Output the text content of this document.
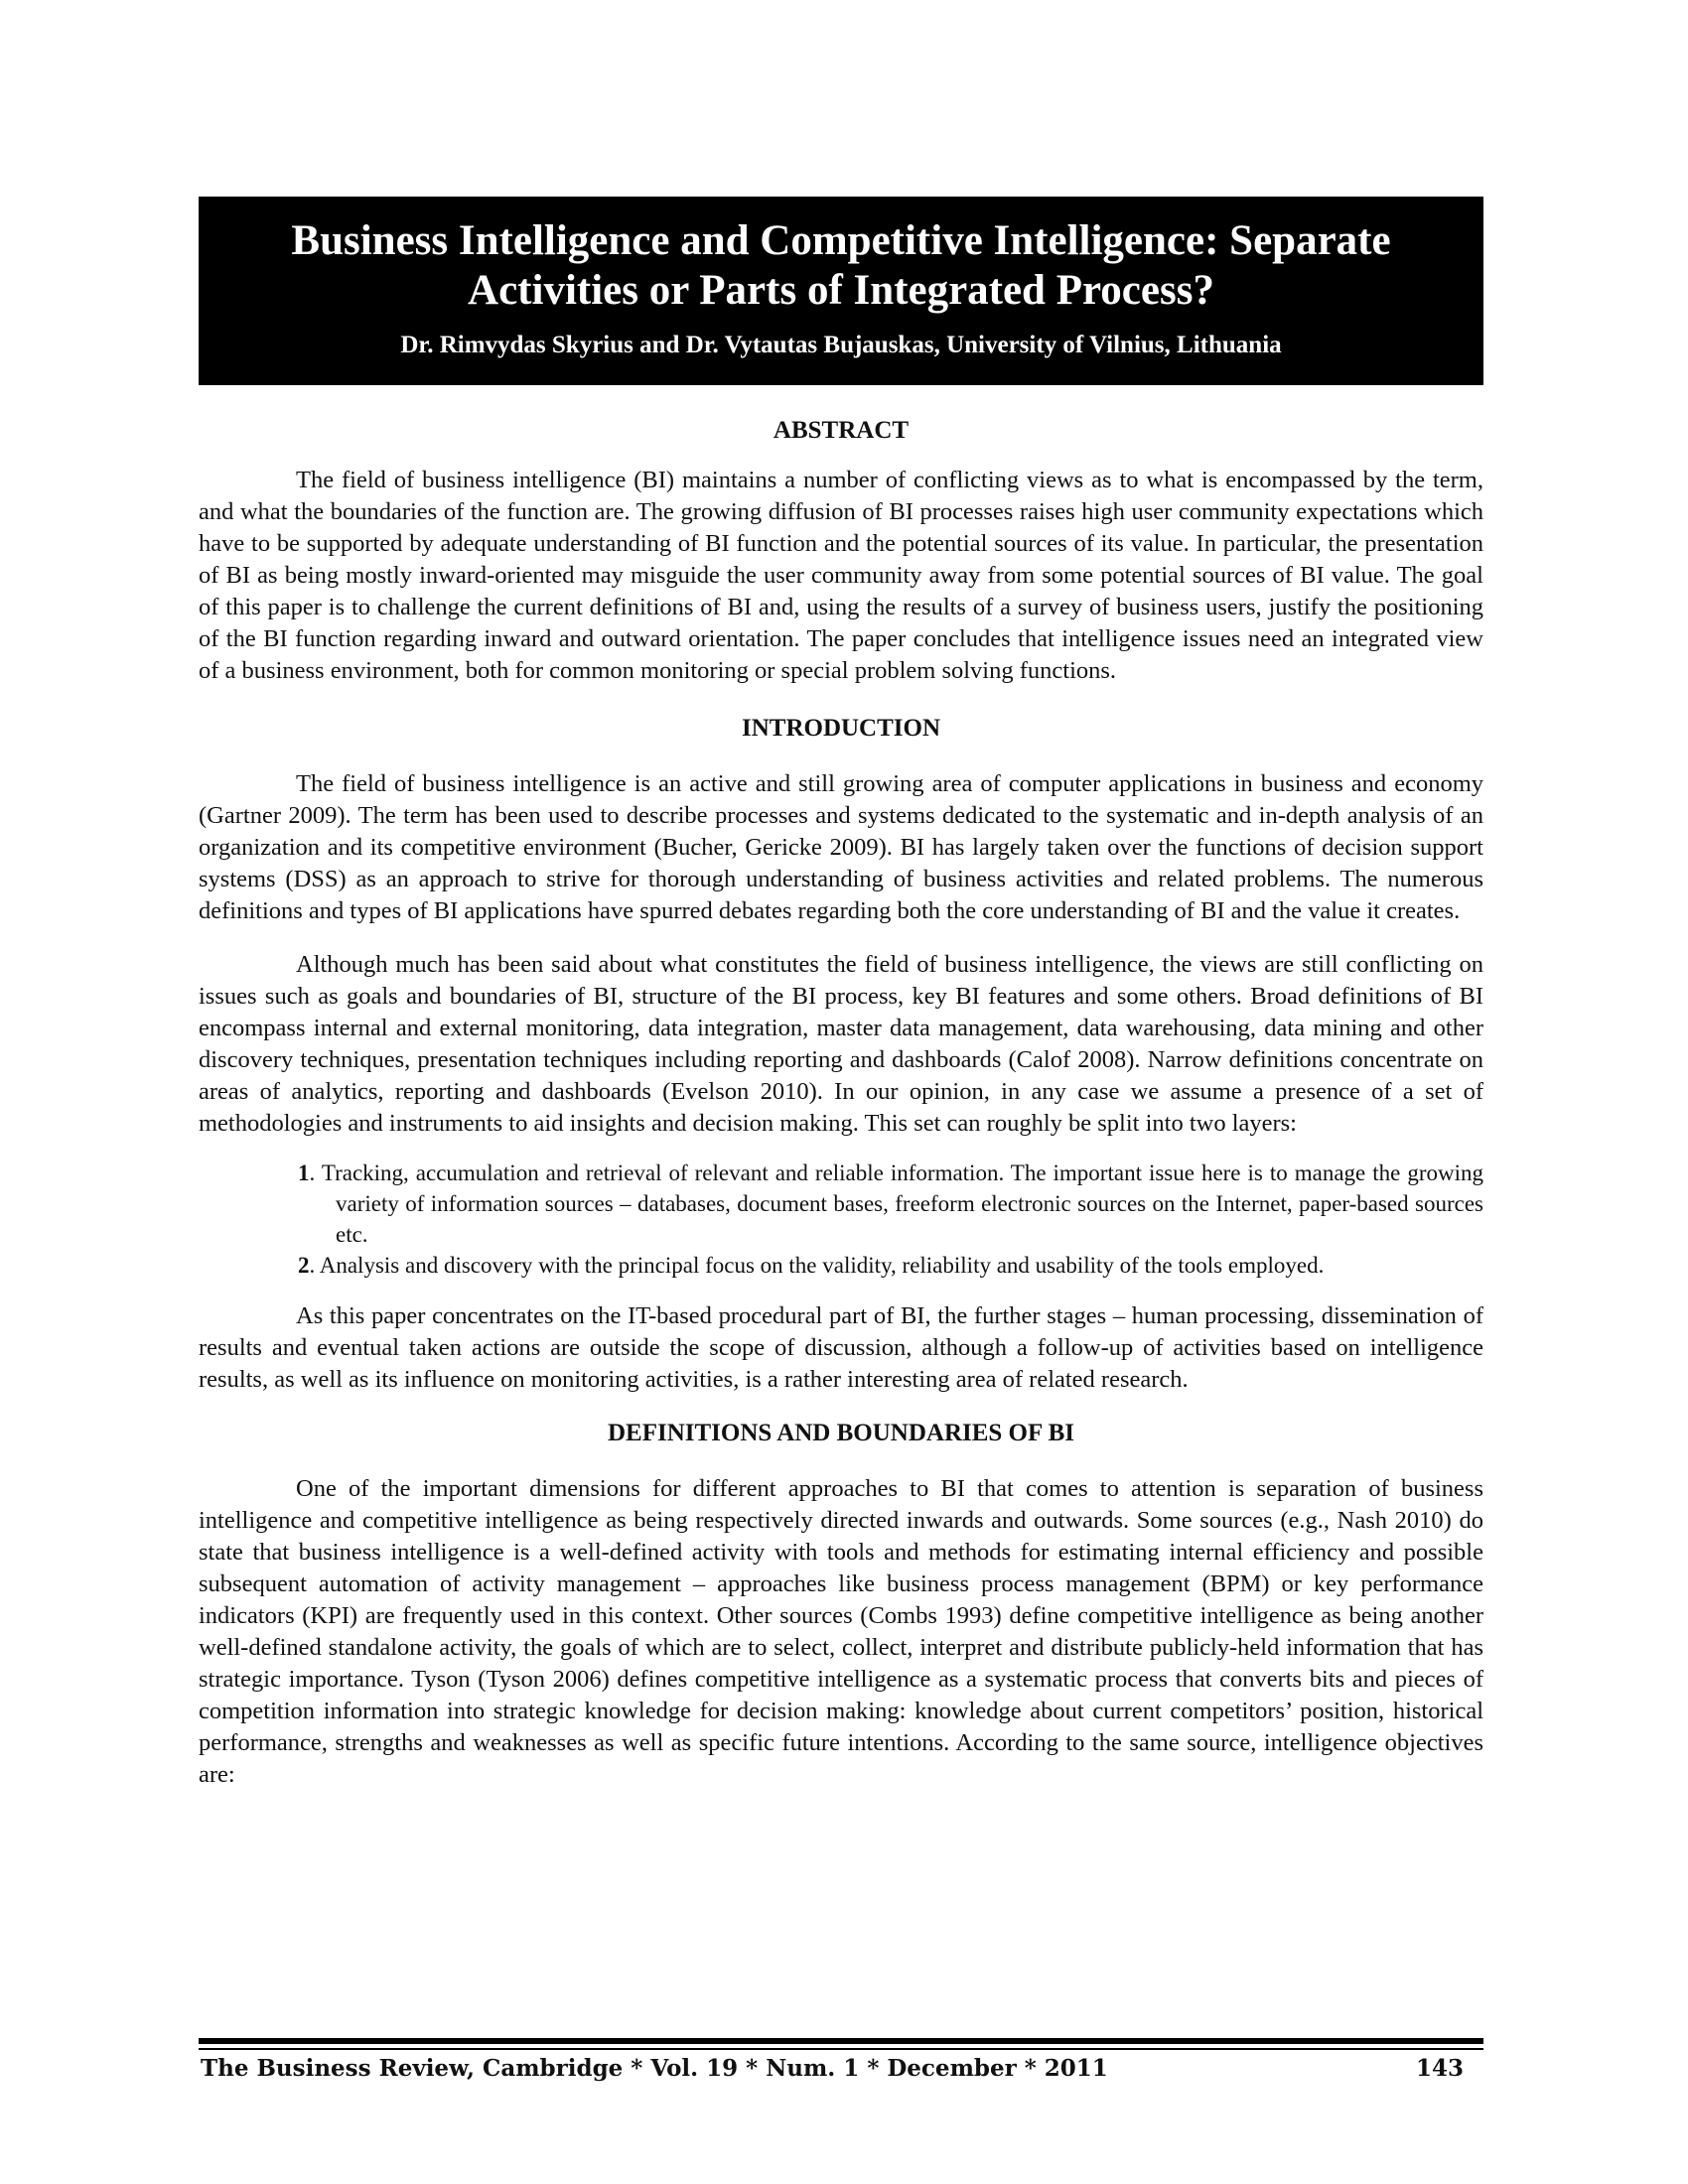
Business Intelligence and Competitive Intelligence: Separate Activities or Parts of Integrated Process?
Dr. Rimvydas Skyrius and Dr. Vytautas Bujauskas, University of Vilnius, Lithuania
ABSTRACT

The field of business intelligence (BI) maintains a number of conflicting views as to what is encompassed by the term, and what the boundaries of the function are. The growing diffusion of BI processes raises high user community expectations which have to be supported by adequate understanding of BI function and the potential sources of its value. In particular, the presentation of BI as being mostly inward-oriented may misguide the user community away from some potential sources of BI value. The goal of this paper is to challenge the current definitions of BI and, using the results of a survey of business users, justify the positioning of the BI function regarding inward and outward orientation. The paper concludes that intelligence issues need an integrated view of a business environment, both for common monitoring or special problem solving functions.

INTRODUCTION

The field of business intelligence is an active and still growing area of computer applications in business and economy (Gartner 2009). The term has been used to describe processes and systems dedicated to the systematic and in-depth analysis of an organization and its competitive environment (Bucher, Gericke 2009). BI has largely taken over the functions of decision support systems (DSS) as an approach to strive for thorough understanding of business activities and related problems. The numerous definitions and types of BI applications have spurred debates regarding both the core understanding of BI and the value it creates.

Although much has been said about what constitutes the field of business intelligence, the views are still conflicting on issues such as goals and boundaries of BI, structure of the BI process, key BI features and some others. Broad definitions of BI encompass internal and external monitoring, data integration, master data management, data warehousing, data mining and other discovery techniques, presentation techniques including reporting and dashboards (Calof 2008). Narrow definitions concentrate on areas of analytics, reporting and dashboards (Evelson 2010). In our opinion, in any case we assume a presence of a set of methodologies and instruments to aid insights and decision making. This set can roughly be split into two layers:

1. Tracking, accumulation and retrieval of relevant and reliable information. The important issue here is to manage the growing variety of information sources – databases, document bases, freeform electronic sources on the Internet, paper-based sources etc.
2. Analysis and discovery with the principal focus on the validity, reliability and usability of the tools employed.

As this paper concentrates on the IT-based procedural part of BI, the further stages – human processing, dissemination of results and eventual taken actions are outside the scope of discussion, although a follow-up of activities based on intelligence results, as well as its influence on monitoring activities, is a rather interesting area of related research.

DEFINITIONS AND BOUNDARIES OF BI

One of the important dimensions for different approaches to BI that comes to attention is separation of business intelligence and competitive intelligence as being respectively directed inwards and outwards. Some sources (e.g., Nash 2010) do state that business intelligence is a well-defined activity with tools and methods for estimating internal efficiency and possible subsequent automation of activity management – approaches like business process management (BPM) or key performance indicators (KPI) are frequently used in this context. Other sources (Combs 1993) define competitive intelligence as being another well-defined standalone activity, the goals of which are to select, collect, interpret and distribute publicly-held information that has strategic importance. Tyson (Tyson 2006) defines competitive intelligence as a systematic process that converts bits and pieces of competition information into strategic knowledge for decision making: knowledge about current competitors’ position, historical performance, strengths and weaknesses as well as specific future intentions. According to the same source, intelligence objectives are:

The Business Review, Cambridge * Vol. 19 * Num. 1 * December * 2011	143
